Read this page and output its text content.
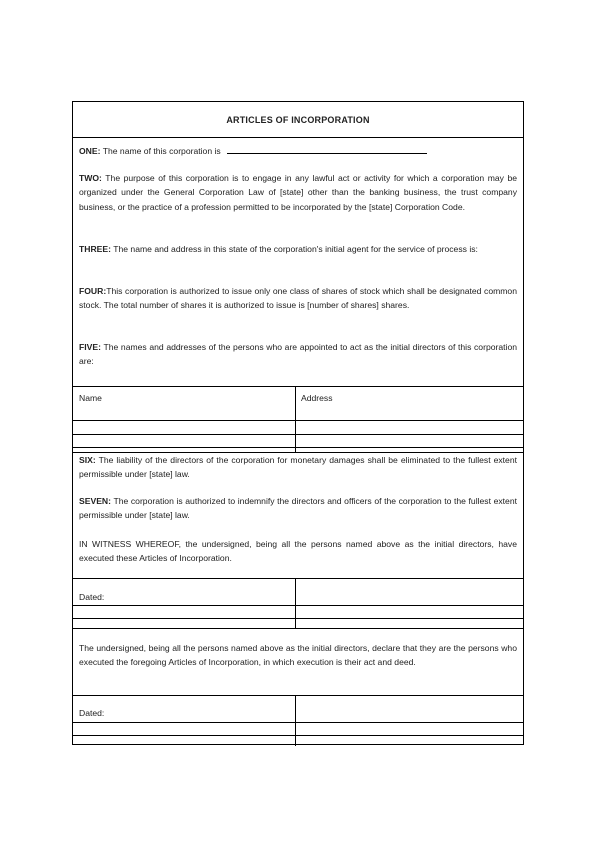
ARTICLES OF INCORPORATION
ONE: The name of this corporation is
TWO: The purpose of this corporation is to engage in any lawful act or activity for which a corporation may be organized under the General Corporation Law of [state] other than the banking business, the trust company business, or the practice of a profession permitted to be incorporated by the [state] Corporation Code.
THREE: The name and address in this state of the corporation's initial agent for the service of process is:
FOUR:This corporation is authorized to issue only one class of shares of stock which shall be designated common stock. The total number of shares it is authorized to issue is [number of shares] shares.
FIVE: The names and addresses of the persons who are appointed to act as the initial directors of this corporation are:
Name	Address
SIX: The liability of the directors of the corporation for monetary damages shall be eliminated to the fullest extent permissible under [state] law.
SEVEN: The corporation is authorized to indemnify the directors and officers of the corporation to the fullest extent permissible under [state] law.
IN WITNESS WHEREOF, the undersigned, being all the persons named above as the initial directors, have executed these Articles of Incorporation.
Dated:
The undersigned, being all the persons named above as the initial directors, declare that they are the persons who executed the foregoing Articles of Incorporation, in which execution is their act and deed.
Dated:
